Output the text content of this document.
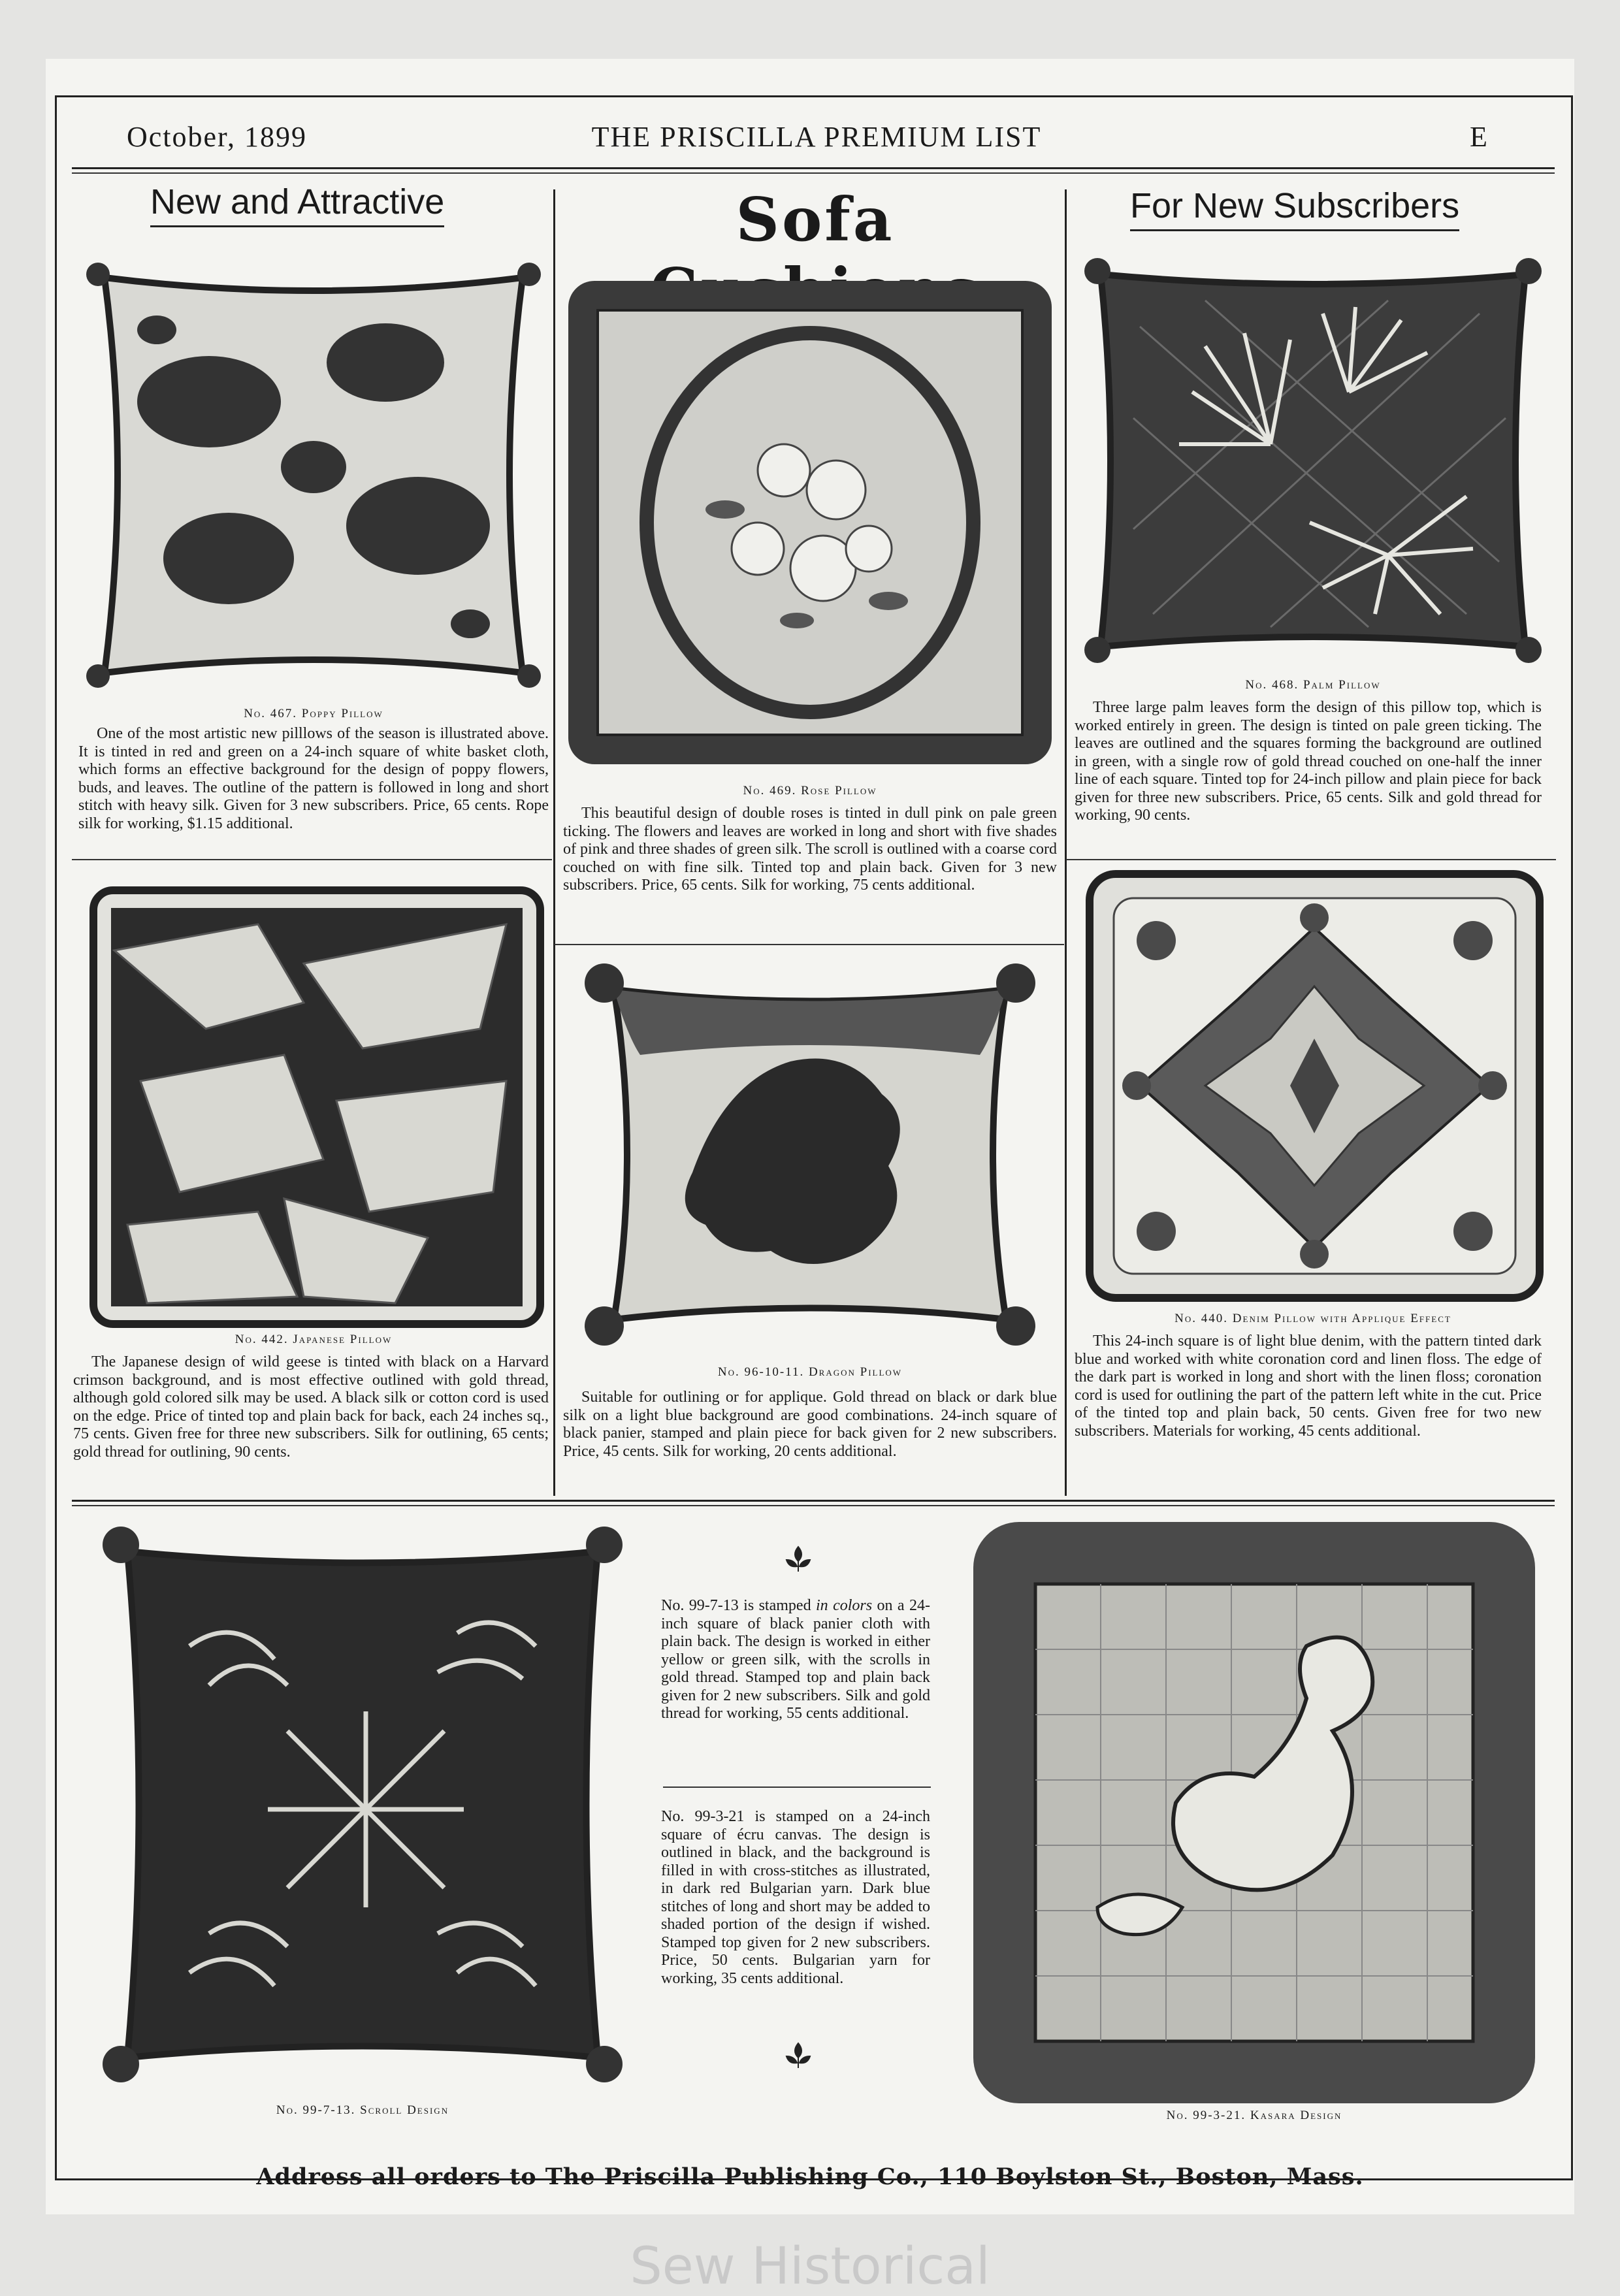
October, 1899	THE PRISCILLA PREMIUM LIST	E
New and Attractive	Sofa	For New Subscribers
No. 467. Poppy Pillow
One of the most artistic new pilllows of the season is illustrated above. It is tinted in red and green on a 24-inch square of white basket cloth, which forms an effective background for the design of poppy flowers, buds, and leaves. The outline of the pattern is followed in long and short stitch with heavy silk. Given for 3 new subscribers. Price, 65 cents. Rope silk for working, $1.15 additional.
No. 469. Rose Pillow
This beautiful design of double roses is tinted in dull pink on pale green ticking. The flowers and leaves are worked in long and short with five shades of pink and three shades of green silk. The scroll is outlined with a coarse cord couched on with fine silk. Tinted top and plain back. Given for 3 new subscribers. Price, 65 cents. Silk for working, 75 cents additional.
No. 468. Palm Pillow
Three large palm leaves form the design of this pillow top, which is worked entirely in green. The design is tinted on pale green ticking. The leaves are outlined and the squares forming the background are outlined in green, with a single row of gold thread couched on one-half the inner line of each square. Tinted top for 24-inch pillow and plain piece for back given for three new subscribers. Price, 65 cents. Silk and gold thread for working, 90 cents.
No. 442. Japanese Pillow
The Japanese design of wild geese is tinted with black on a Harvard crimson background, and is most effective outlined with gold thread, although gold colored silk may be used. A black silk or cotton cord is used on the edge. Price of tinted top and plain back for back, each 24 inches sq., 75 cents. Given free for three new subscribers. Silk for outlining, 65 cents; gold thread for outlining, 90 cents.
No. 96-10-11. Dragon Pillow
Suitable for outlining or for applique. Gold thread on black or dark blue silk on a light blue background are good combinations. 24-inch square of black panier, stamped and plain piece for back given for 2 new subscribers. Price, 45 cents. Silk for working, 20 cents additional.
No. 440. Denim Pillow with Applique Effect
This 24-inch square is of light blue denim, with the pattern tinted dark blue and worked with white coronation cord and linen floss. The edge of the dark part is worked in long and short with the linen floss; coronation cord is used for outlining the part of the pattern left white in the cut. Price of the tinted top and plain back, 50 cents. Given free for two new subscribers. Materials for working, 45 cents additional.
No. 99-7-13. Scroll Design
No. 99-7-13 is stamped in colors on a 24-inch square of black panier cloth with plain back. The design is worked in either yellow or green silk, with the scrolls in gold thread. Stamped top and plain back given for 2 new subscribers. Silk and gold thread for working, 55 cents additional.
No. 99-3-21 is stamped on a 24-inch square of écru canvas. The design is outlined in black, and the background is filled in with cross-stitches as illustrated, in dark red Bulgarian yarn. Dark blue stitches of long and short may be added to shaded portion of the design if wished. Stamped top given for 2 new subscribers. Price, 50 cents. Bulgarian yarn for working, 35 cents additional.
No. 99-3-21. Kasara Design
Address all orders to The Priscilla Publishing Co., 110 Boylston St., Boston, Mass.
Sew Historical
